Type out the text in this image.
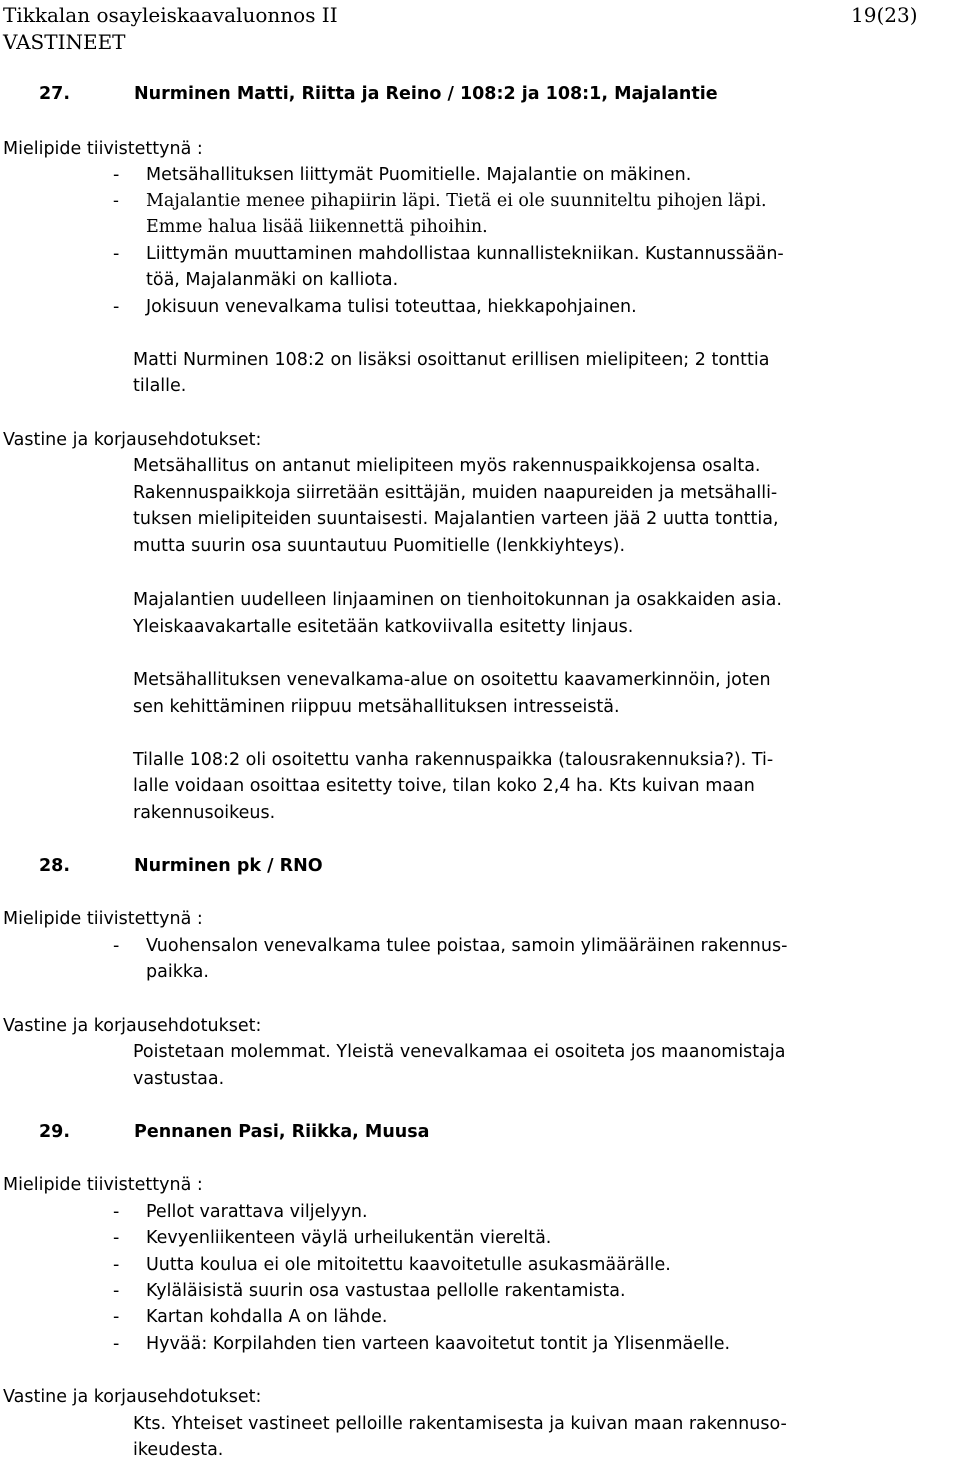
Tikkalan osayleiskaavaluonnos II	19(23)
VASTINEET
27.	Nurminen Matti, Riitta ja Reino / 108:2 ja 108:1, Majalantie
Mielipide tiivistettynä :
- Metsähallituksen liittymät Puomitielle. Majalantie on mäkinen.
- Majalantie menee pihapiirin läpi. Tietä ei ole suunniteltu pihojen läpi.
Emme halua lisää liikennettä pihoihin.
- Liittymän muuttaminen mahdollistaa kunnallistekniikan. Kustannussään-
töä, Majalanmäki on kalliota.
- Jokisuun venevalkama tulisi toteuttaa, hiekkapohjainen.
Matti Nurminen 108:2 on lisäksi osoittanut erillisen mielipiteen; 2 tonttia
tilalle.
Vastine ja korjausehdotukset:
Metsähallitus on antanut mielipiteen myös rakennuspaikkojensa osalta.
Rakennuspaikkoja siirretään esittäjän, muiden naapureiden ja metsähalli-
tuksen mielipiteiden suuntaisesti. Majalantien varteen jää 2 uutta tonttia,
mutta suurin osa suuntautuu Puomitielle (lenkkiyhteys).
Majalantien uudelleen linjaaminen on tienhoitokunnan ja osakkaiden asia.
Yleiskaavakartalle esitetään katkoviivalla esitetty linjaus.
Metsähallituksen venevalkama-alue on osoitettu kaavamerkinnöin, joten
sen kehittäminen riippuu metsähallituksen intresseistä.
Tilalle 108:2 oli osoitettu vanha rakennuspaikka (talousrakennuksia?). Ti-
lalle voidaan osoittaa esitetty toive, tilan koko 2,4 ha. Kts kuivan maan
rakennusoikeus.
28.	Nurminen pk / RNO
Mielipide tiivistettynä :
- Vuohensalon venevalkama tulee poistaa, samoin ylimääräinen rakennus-
paikka.
Vastine ja korjausehdotukset:
Poistetaan molemmat. Yleistä venevalkamaa ei osoiteta jos maanomistaja
vastustaa.
29.	Pennanen Pasi, Riikka, Muusa
Mielipide tiivistettynä :
- Pellot varattava viljelyyn.
- Kevyenliikenteen väylä urheilukentän viereltä.
- Uutta koulua ei ole mitoitettu kaavoitetulle asukasmäärälle.
- Kyläläisistä suurin osa vastustaa pellolle rakentamista.
- Kartan kohdalla A on lähde.
- Hyvää: Korpilahden tien varteen kaavoitetut tontit ja Ylisenmäelle.
Vastine ja korjausehdotukset:
Kts. Yhteiset vastineet pelloille rakentamisesta ja kuivan maan rakennuso-
ikeudesta.
